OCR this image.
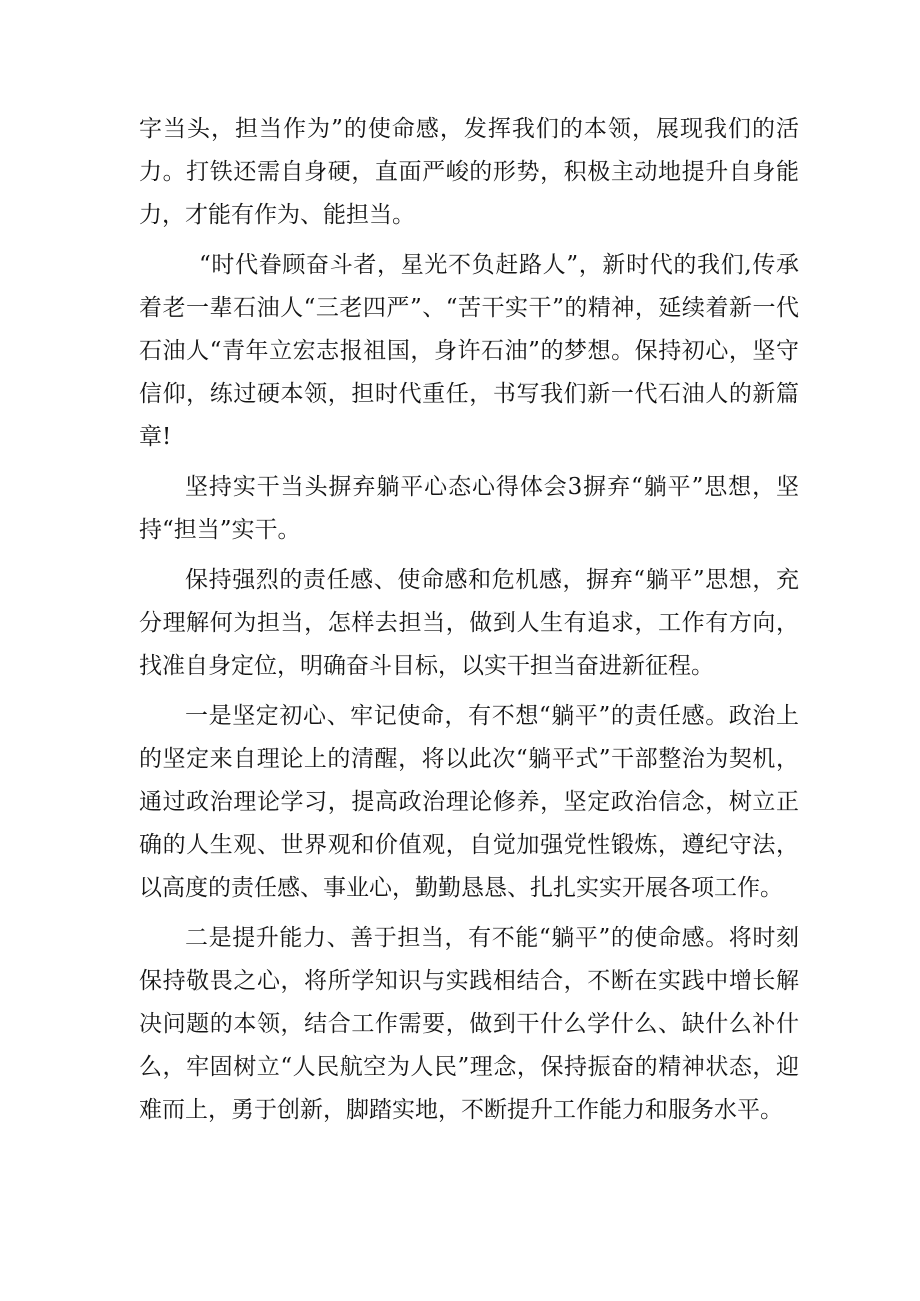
字当头，担当作为”的使命感，发挥我们的本领，展现我们的活力。打铁还需自身硬，直面严峻的形势，积极主动地提升自身能力，才能有作为、能担当。

“时代眷顾奋斗者，星光不负赶路人”，新时代的我们,传承着老一辈石油人“三老四严”、“苦干实干”的精神，延续着新一代石油人“青年立宏志报祖国，身许石油”的梦想。保持初心，坚守信仰，练过硬本领，担时代重任，书写我们新一代石油人的新篇章!

坚持实干当头摒弃躺平心态心得体会3摒弃“躺平”思想，坚持“担当”实干。

保持强烈的责任感、使命感和危机感，摒弃“躺平”思想，充分理解何为担当，怎样去担当，做到人生有追求，工作有方向，找准自身定位，明确奋斗目标，以实干担当奋进新征程。

一是坚定初心、牢记使命，有不想“躺平”的责任感。政治上的坚定来自理论上的清醒，将以此次“躺平式”干部整治为契机，通过政治理论学习，提高政治理论修养，坚定政治信念，树立正确的人生观、世界观和价值观，自觉加强党性锻炼，遵纪守法，以高度的责任感、事业心，勤勤恳恳、扎扎实实开展各项工作。

二是提升能力、善于担当，有不能“躺平”的使命感。将时刻保持敬畏之心，将所学知识与实践相结合，不断在实践中增长解决问题的本领，结合工作需要，做到干什么学什么、缺什么补什么，牢固树立“人民航空为人民”理念，保持振奋的精神状态，迎难而上，勇于创新，脚踏实地，不断提升工作能力和服务水平。
